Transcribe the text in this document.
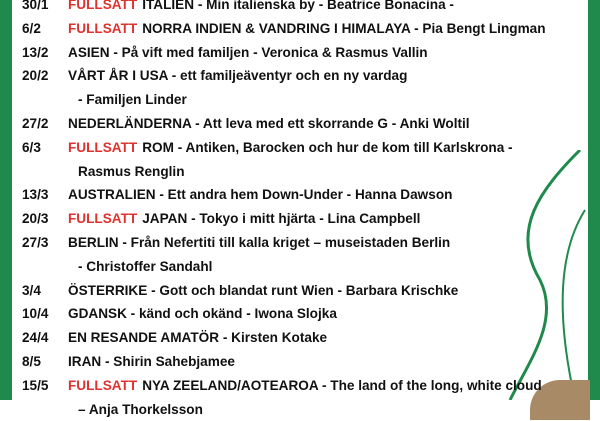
30/1 FULLSATT ITALIEN - Min italienska by - Beatrice Bonacina -
6/2 FULLSATT NORRA INDIEN & VANDRING I HIMALAYA - Pia Bengt Lingman
13/2 ASIEN - På vift med familjen - Veronica & Rasmus Vallin
20/2 VÅRT ÅR I USA - ett familjeäventyr och en ny vardag
- Familjen Linder
27/2 NEDERLÄNDERNA - Att leva med ett skorrande G - Anki Woltil
6/3 FULLSATT ROM - Antiken, Barocken och hur de kom till Karlskrona -
Rasmus Renglin
13/3 AUSTRALIEN - Ett andra hem Down-Under - Hanna Dawson
20/3 FULLSATT JAPAN - Tokyo i mitt hjärta - Lina Campbell
27/3 BERLIN - Från Nefertiti till kalla kriget – museistaden Berlin
- Christoffer Sandahl
3/4 ÖSTERRIKE - Gott och blandat runt Wien - Barbara Krischke
10/4 GDANSK - känd och okänd - Iwona Slojka
24/4 EN RESANDE AMATÖR - Kirsten Kotake
8/5 IRAN - Shirin Sahebjamee
15/5 FULLSATT NYA ZEELAND/AOTEAROA - The land of the long, white cloud
– Anja Thorkelsson
